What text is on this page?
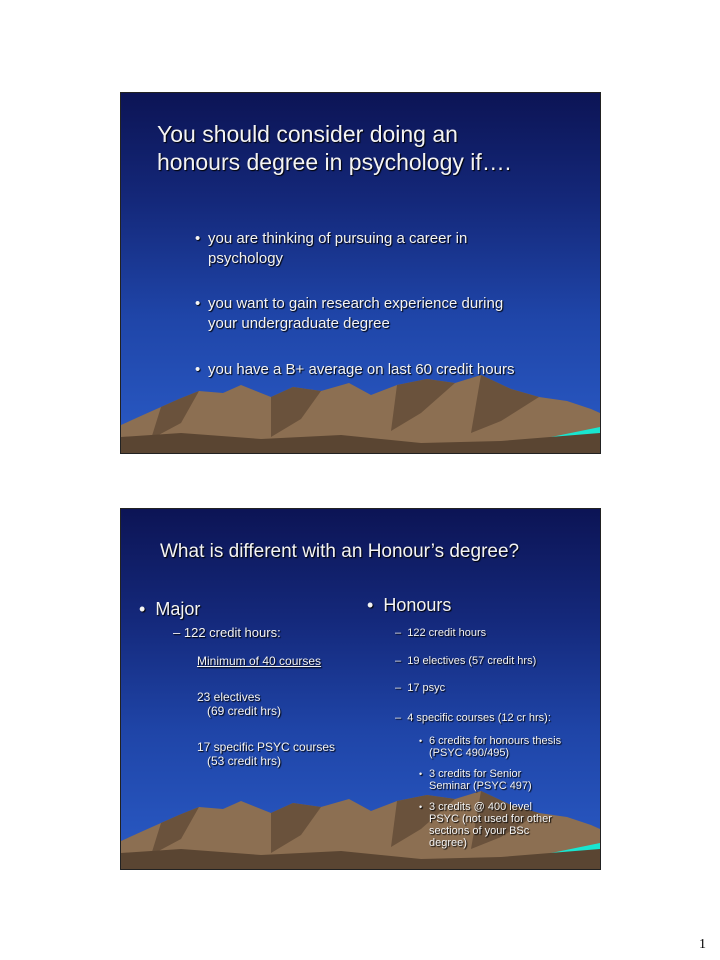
You should consider doing an
honours degree in psychology if….
• you are thinking of pursuing a career in
psychology
• you want to gain research experience during
your undergraduate degree
• you have a B+ average on last 60 credit hours
What is different with an Honour’s degree?
• Major
– 122 credit hours:
Minimum of 40 courses
23 electives
(69 credit hrs)
17 specific PSYC courses
(53 credit hrs)
• Honours
– 122 credit hours
– 19 electives (57 credit hrs)
– 17 psyc
– 4 specific courses (12 cr hrs):
• 6 credits for honours thesis
(PSYC 490/495)
• 3 credits for Senior
Seminar (PSYC 497)
• 3 credits @ 400 level
PSYC (not used for other
sections of your BSc
degree)
1
